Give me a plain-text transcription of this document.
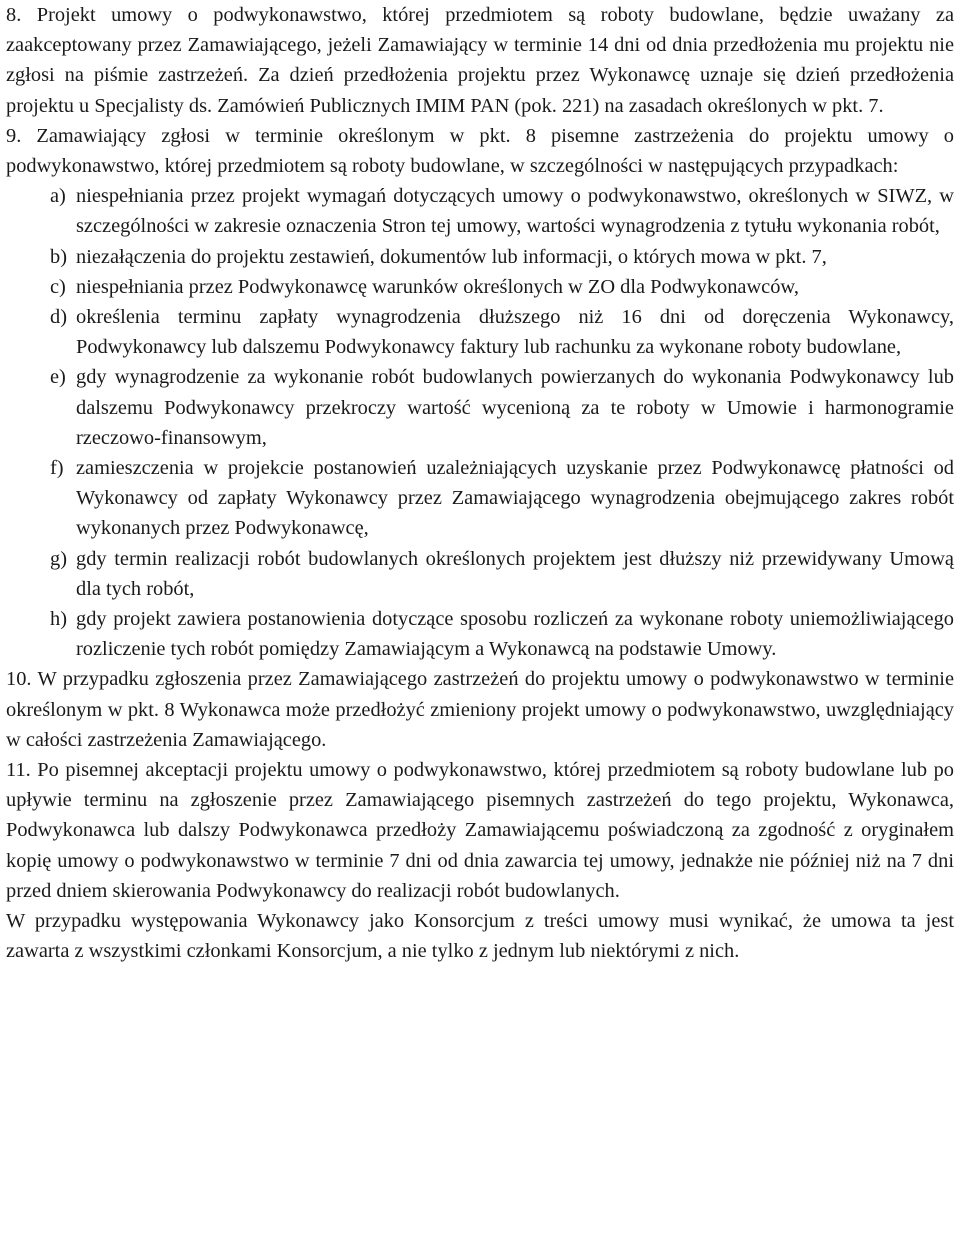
8. Projekt umowy o podwykonawstwo, której przedmiotem są roboty budowlane, będzie uważany za zaakceptowany przez Zamawiającego, jeżeli Zamawiający w terminie 14 dni od dnia przedłożenia mu projektu nie zgłosi na piśmie zastrzeżeń. Za dzień przedłożenia projektu przez Wykonawcę uznaje się dzień przedłożenia projektu u Specjalisty ds. Zamówień Publicznych IMIM PAN (pok. 221) na zasadach określonych w pkt. 7.

9. Zamawiający zgłosi w terminie określonym w pkt. 8 pisemne zastrzeżenia do projektu umowy o podwykonawstwo, której przedmiotem są roboty budowlane, w szczególności w następujących przypadkach:

a) niespełniania przez projekt wymagań dotyczących umowy o podwykonawstwo, określonych w SIWZ, w szczególności w zakresie oznaczenia Stron tej umowy, wartości wynagrodzenia z tytułu wykonania robót,
b) niezałączenia do projektu zestawień, dokumentów lub informacji, o których mowa w pkt. 7,
c) niespełniania przez Podwykonawcę warunków określonych w ZO dla Podwykonawców,
d) określenia terminu zapłaty wynagrodzenia dłuższego niż 16 dni od doręczenia Wykonawcy, Podwykonawcy lub dalszemu Podwykonawcy faktury lub rachunku za wykonane roboty budowlane,
e) gdy wynagrodzenie za wykonanie robót budowlanych powierzanych do wykonania Podwykonawcy lub dalszemu Podwykonawcy przekroczy wartość wycenioną za te roboty w Umowie i harmonogramie rzeczowo-finansowym,
f) zamieszczenia w projekcie postanowień uzależniających uzyskanie przez Podwykonawcę płatności od Wykonawcy od zapłaty Wykonawcy przez Zamawiającego wynagrodzenia obejmującego zakres robót wykonanych przez Podwykonawcę,
g) gdy termin realizacji robót budowlanych określonych projektem jest dłuższy niż przewidywany Umową dla tych robót,
h) gdy projekt zawiera postanowienia dotyczące sposobu rozliczeń za wykonane roboty uniemożliwiającego rozliczenie tych robót pomiędzy Zamawiającym a Wykonawcą na podstawie Umowy.

10. W przypadku zgłoszenia przez Zamawiającego zastrzeżeń do projektu umowy o podwykonawstwo w terminie określonym w pkt. 8 Wykonawca może przedłożyć zmieniony projekt umowy o podwykonawstwo, uwzględniający w całości zastrzeżenia Zamawiającego.

11. Po pisemnej akceptacji projektu umowy o podwykonawstwo, której przedmiotem są roboty budowlane lub po upływie terminu na zgłoszenie przez Zamawiającego pisemnych zastrzeżeń do tego projektu, Wykonawca, Podwykonawca lub dalszy Podwykonawca przedłoży Zamawiającemu poświadczoną za zgodność z oryginałem kopię umowy o podwykonawstwo w terminie 7 dni od dnia zawarcia tej umowy, jednakże nie później niż na 7 dni przed dniem skierowania Podwykonawcy do realizacji robót budowlanych.

W przypadku występowania Wykonawcy jako Konsorcjum z treści umowy musi wynikać, że umowa ta jest zawarta z wszystkimi członkami Konsorcjum, a nie tylko z jednym lub niektórymi z nich.
